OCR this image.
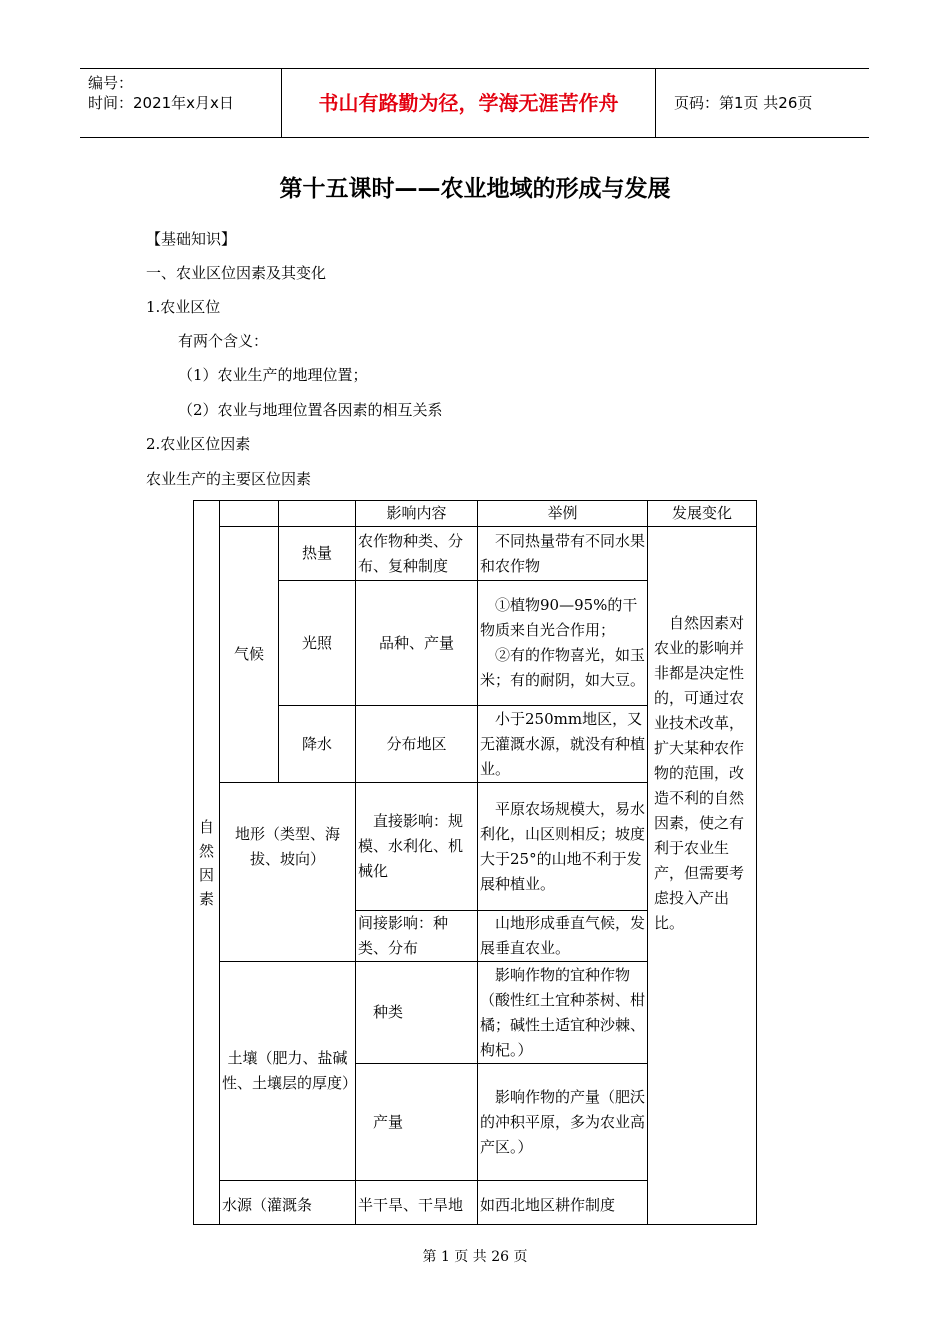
编号：
时间：2021年x月x日	书山有路勤为径，学海无涯苦作舟	页码：第1页 共26页
第十五课时——农业地域的形成与发展
【基础知识】
一、农业区位因素及其变化
1.农业区位
有两个含义：
（1）农业生产的地理位置；
（2）农业与地理位置各因素的相互关系
2.农业区位因素
农业生产的主要区位因素
自然因素			影响内容	举例	发展变化
	气候	热量	农作物种类、分布、复种制度	不同热量带有不同水果和农作物	自然因素对农业的影响并非都是决定性的，可通过农业技术改革，扩大某种农作物的范围，改造不利的自然因素，使之有利于农业生产，但需要考虑投入产出比。

		光照	品种、产量	①植物90—95%的干物质来自光合作用；
②有的作物喜光，如玉米；有的耐阴，如大豆。	

		降水	分布地区	小于250mm地区，又无灌溉水源，就没有种植业。	

	地形（类型、海拔、坡向）		直接影响：规模、水利化、机械化	平原农场规模大，易水利化，山区则相反；坡度大于25°的山地不利于发展种植业。	
			间接影响：种类、分布	山地形成垂直气候，发展垂直农业。	
	土壤（肥力、盐碱性、土壤层的厚度）		种类	影响作物的宜种作物（酸性红土宜种茶树、柑橘；碱性土适宜种沙棘、枸杞。）	
			产量	影响作物的产量（肥沃的冲积平原，多为农业高产区。）	
	水源（灌溉条		半干旱、干旱地	如西北地区耕作制度	
第 1 页 共 26 页
